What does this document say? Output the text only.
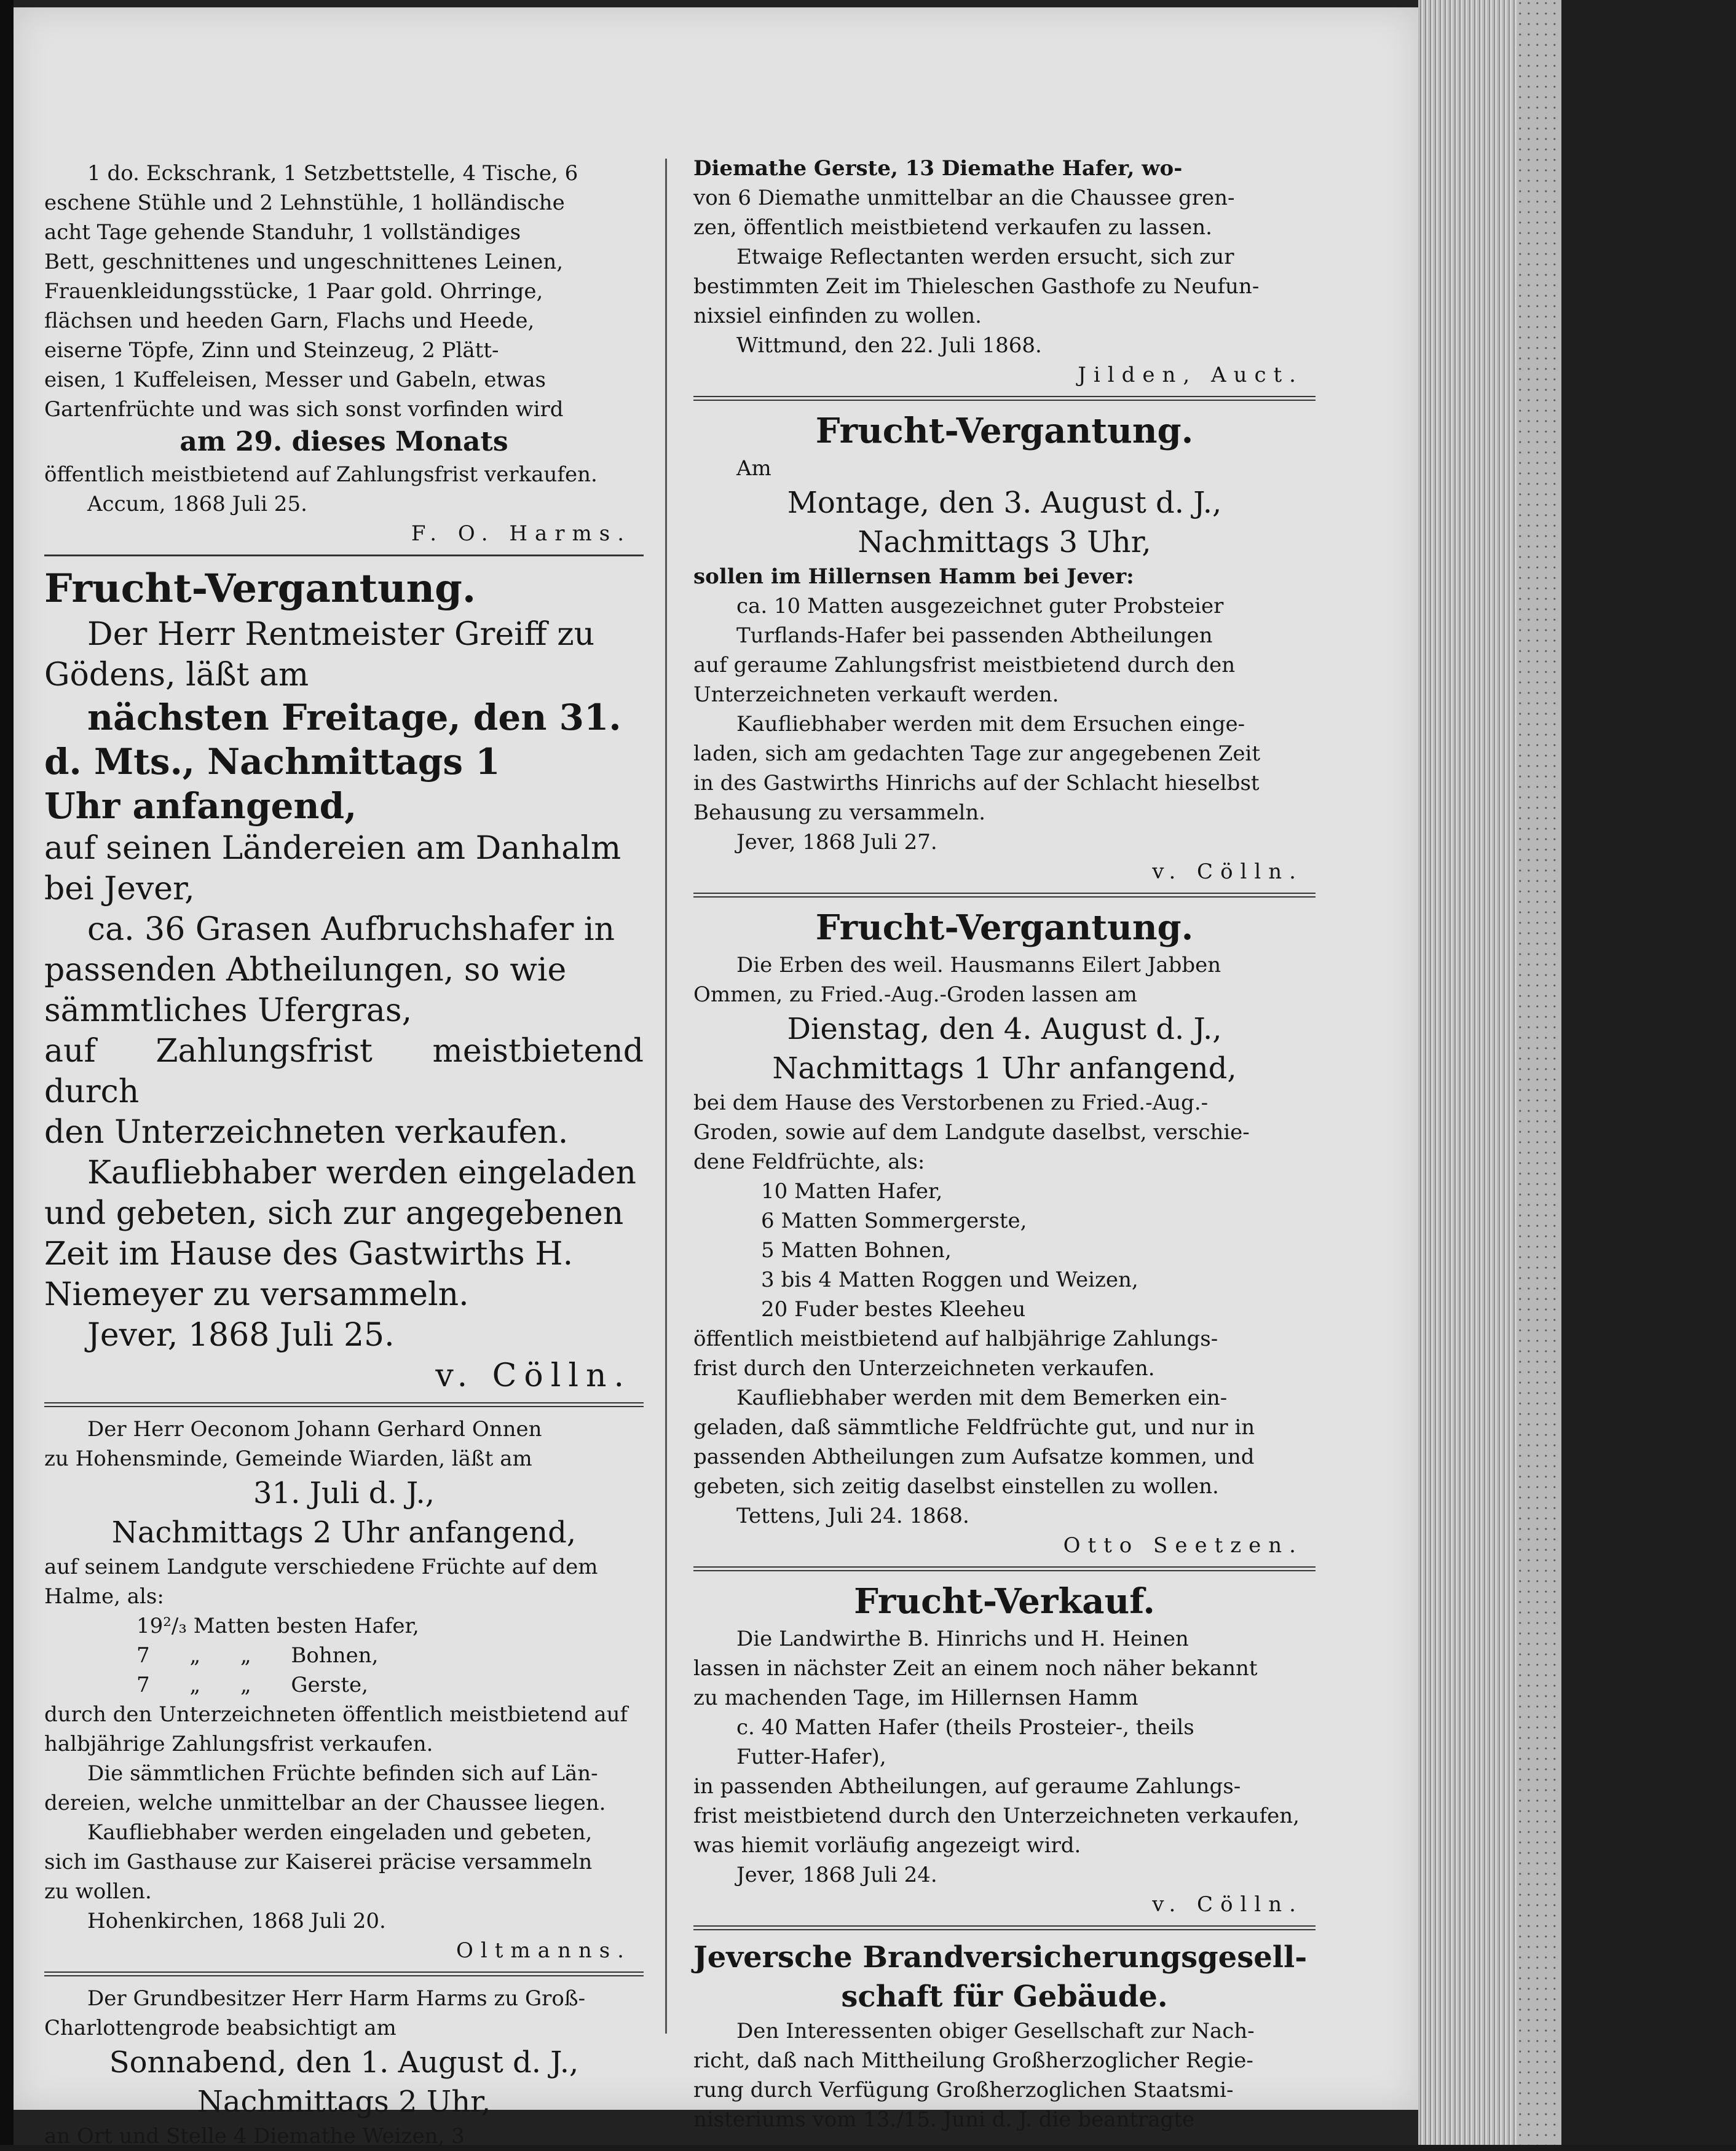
1 do. Eckschrank, 1 Setzbettstelle, 4 Tische, 6

eschene Stühle und 2 Lehnstühle, 1 holländische

acht Tage gehende Standuhr, 1 vollständiges

Bett, geschnittenes und ungeschnittenes Leinen,

Frauenkleidungsstücke, 1 Paar gold. Ohrringe,

flächsen und heeden Garn, Flachs und Heede,

eiserne Töpfe, Zinn und Steinzeug, 2 Plätt-

eisen, 1 Kuffeleisen, Messer und Gabeln, etwas

Gartenfrüchte und was sich sonst vorfinden wird

am 29. dieses Monats

öffentlich meistbietend auf Zahlungsfrist verkaufen.

Accum, 1868 Juli 25.

F. O. Harms.

Frucht-Vergantung.

Der Herr Rentmeister Greiff zu

Gödens, läßt am

nächsten Freitage, den 31.

d. Mts., Nachmittags 1

Uhr anfangend,

auf seinen Ländereien am Danhalm

bei Jever,

ca. 36 Grasen Aufbruchshafer in

passenden Abtheilungen, so wie

sämmtliches Ufergras,

auf Zahlungsfrist meistbietend durch

den Unterzeichneten verkaufen.

Kaufliebhaber werden eingeladen

und gebeten, sich zur angegebenen

Zeit im Hause des Gastwirths H.

Niemeyer zu versammeln.

Jever, 1868 Juli 25.

v. Cölln.

Der Herr Oeconom Johann Gerhard Onnen

zu Hohensminde, Gemeinde Wiarden, läßt am

31. Juli d. J.,

Nachmittags 2 Uhr anfangend,

auf seinem Landgute verschiedene Früchte auf dem

Halme, als:

19²/₃ Matten besten Hafer,

7      „      „      Bohnen,

7      „      „      Gerste,

durch den Unterzeichneten öffentlich meistbietend auf

halbjährige Zahlungsfrist verkaufen.

Die sämmtlichen Früchte befinden sich auf Län-

dereien, welche unmittelbar an der Chaussee liegen.

Kaufliebhaber werden eingeladen und gebeten,

sich im Gasthause zur Kaiserei präcise versammeln

zu wollen.

Hohenkirchen, 1868 Juli 20.

Oltmanns.

Der Grundbesitzer Herr Harm Harms zu Groß-

Charlottengrode beabsichtigt am

Sonnabend, den 1. August d. J.,

Nachmittags 2 Uhr,

an Ort und Stelle 4 Diemathe Weizen, 3

Diemathe Gerste, 13 Diemathe Hafer, wo-

von 6 Diemathe unmittelbar an die Chaussee gren-

zen, öffentlich meistbietend verkaufen zu lassen.

Etwaige Reflectanten werden ersucht, sich zur

bestimmten Zeit im Thieleschen Gasthofe zu Neufun-

nixsiel einfinden zu wollen.

Wittmund, den 22. Juli 1868.

Jilden, Auct.

Frucht-Vergantung.

Am

Montage, den 3. August d. J.,

Nachmittags 3 Uhr,

sollen im Hillernsen Hamm bei Jever:

ca. 10 Matten ausgezeichnet guter Probsteier

Turflands-Hafer bei passenden Abtheilungen

auf geraume Zahlungsfrist meistbietend durch den

Unterzeichneten verkauft werden.

Kaufliebhaber werden mit dem Ersuchen einge-

laden, sich am gedachten Tage zur angegebenen Zeit

in des Gastwirths Hinrichs auf der Schlacht hieselbst

Behausung zu versammeln.

Jever, 1868 Juli 27.

v. Cölln.

Frucht-Vergantung.

Die Erben des weil. Hausmanns Eilert Jabben

Ommen, zu Fried.-Aug.-Groden lassen am

Dienstag, den 4. August d. J.,

Nachmittags 1 Uhr anfangend,

bei dem Hause des Verstorbenen zu Fried.-Aug.-

Groden, sowie auf dem Landgute daselbst, verschie-

dene Feldfrüchte, als:

10 Matten Hafer,

6 Matten Sommergerste,

5 Matten Bohnen,

3 bis 4 Matten Roggen und Weizen,

20 Fuder bestes Kleeheu

öffentlich meistbietend auf halbjährige Zahlungs-

frist durch den Unterzeichneten verkaufen.

Kaufliebhaber werden mit dem Bemerken ein-

geladen, daß sämmtliche Feldfrüchte gut, und nur in

passenden Abtheilungen zum Aufsatze kommen, und

gebeten, sich zeitig daselbst einstellen zu wollen.

Tettens, Juli 24. 1868.

Otto Seetzen.

Frucht-Verkauf.

Die Landwirthe B. Hinrichs und H. Heinen

lassen in nächster Zeit an einem noch näher bekannt

zu machenden Tage, im Hillernsen Hamm

c. 40 Matten Hafer (theils Prosteier-, theils

Futter-Hafer),

in passenden Abtheilungen, auf geraume Zahlungs-

frist meistbietend durch den Unterzeichneten verkaufen,

was hiemit vorläufig angezeigt wird.

Jever, 1868 Juli 24.

v. Cölln.

Jeversche Brandversicherungsgesell-

schaft für Gebäude.

Den Interessenten obiger Gesellschaft zur Nach-

richt, daß nach Mittheilung Großherzoglicher Regie-

rung durch Verfügung Großherzoglichen Staatsmi-

nisteriums vom 13./15. Juni d. J. die beantragte
